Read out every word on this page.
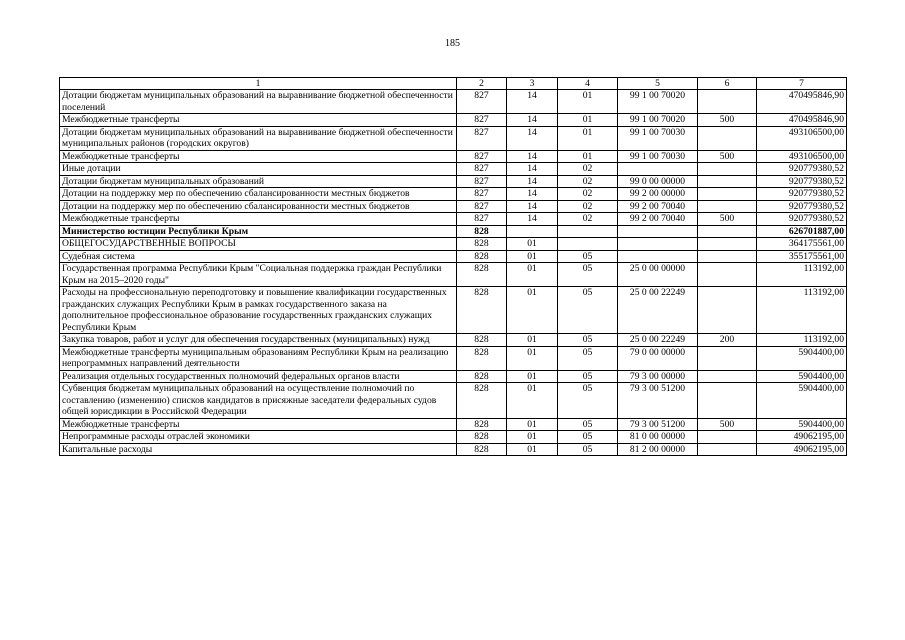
185
1	2	3	4	5	6	7
Дотации бюджетам муниципальных образований на выравнивание бюджетной обеспеченности поселений	827	14	01	99 1 00 70020		470495846,90
Межбюджетные трансферты	827	14	01	99 1 00 70020	500	470495846,90
Дотации бюджетам муниципальных образований на выравнивание бюджетной обеспеченности муниципальных районов (городских округов)	827	14	01	99 1 00 70030		493106500,00
Межбюджетные трансферты	827	14	01	99 1 00 70030	500	493106500,00
Иные дотации	827	14	02			920779380,52
Дотации бюджетам муниципальных образований	827	14	02	99 0 00 00000		920779380,52
Дотации на поддержку мер по обеспечению сбалансированности местных бюджетов	827	14	02	99 2 00 00000		920779380,52
Дотации на поддержку мер по обеспечению сбалансированности местных бюджетов	827	14	02	99 2 00 70040		920779380,52
Межбюджетные трансферты	827	14	02	99 2 00 70040	500	920779380,52
Министерство юстиции Республики Крым	828					626701887,00
ОБЩЕГОСУДАРСТВЕННЫЕ ВОПРОСЫ	828	01				364175561,00
Судебная система	828	01	05			355175561,00
Государственная программа Республики Крым "Социальная поддержка граждан Республики Крым на 2015–2020 годы"	828	01	05	25 0 00 00000		113192,00
Расходы на профессиональную переподготовку и повышение квалификации государственных гражданских служащих Республики Крым в рамках государственного заказа на дополнительное профессиональное образование государственных гражданских служащих Республики Крым	828	01	05	25 0 00 22249		113192,00
Закупка товаров, работ и услуг для обеспечения государственных (муниципальных) нужд	828	01	05	25 0 00 22249	200	113192,00
Межбюджетные трансферты муниципальным образованиям Республики Крым на реализацию непрограммных направлений деятельности	828	01	05	79 0 00 00000		5904400,00
Реализация отдельных государственных полномочий федеральных органов власти	828	01	05	79 3 00 00000		5904400,00
Субвенция бюджетам муниципальных образований на осуществление полномочий по составлению (изменению) списков кандидатов в присяжные заседатели федеральных судов общей юрисдикции в Российской Федерации	828	01	05	79 3 00 51200		5904400,00
Межбюджетные трансферты	828	01	05	79 3 00 51200	500	5904400,00
Непрограммные расходы отраслей экономики	828	01	05	81 0 00 00000		49062195,00
Капитальные расходы	828	01	05	81 2 00 00000		49062195,00
